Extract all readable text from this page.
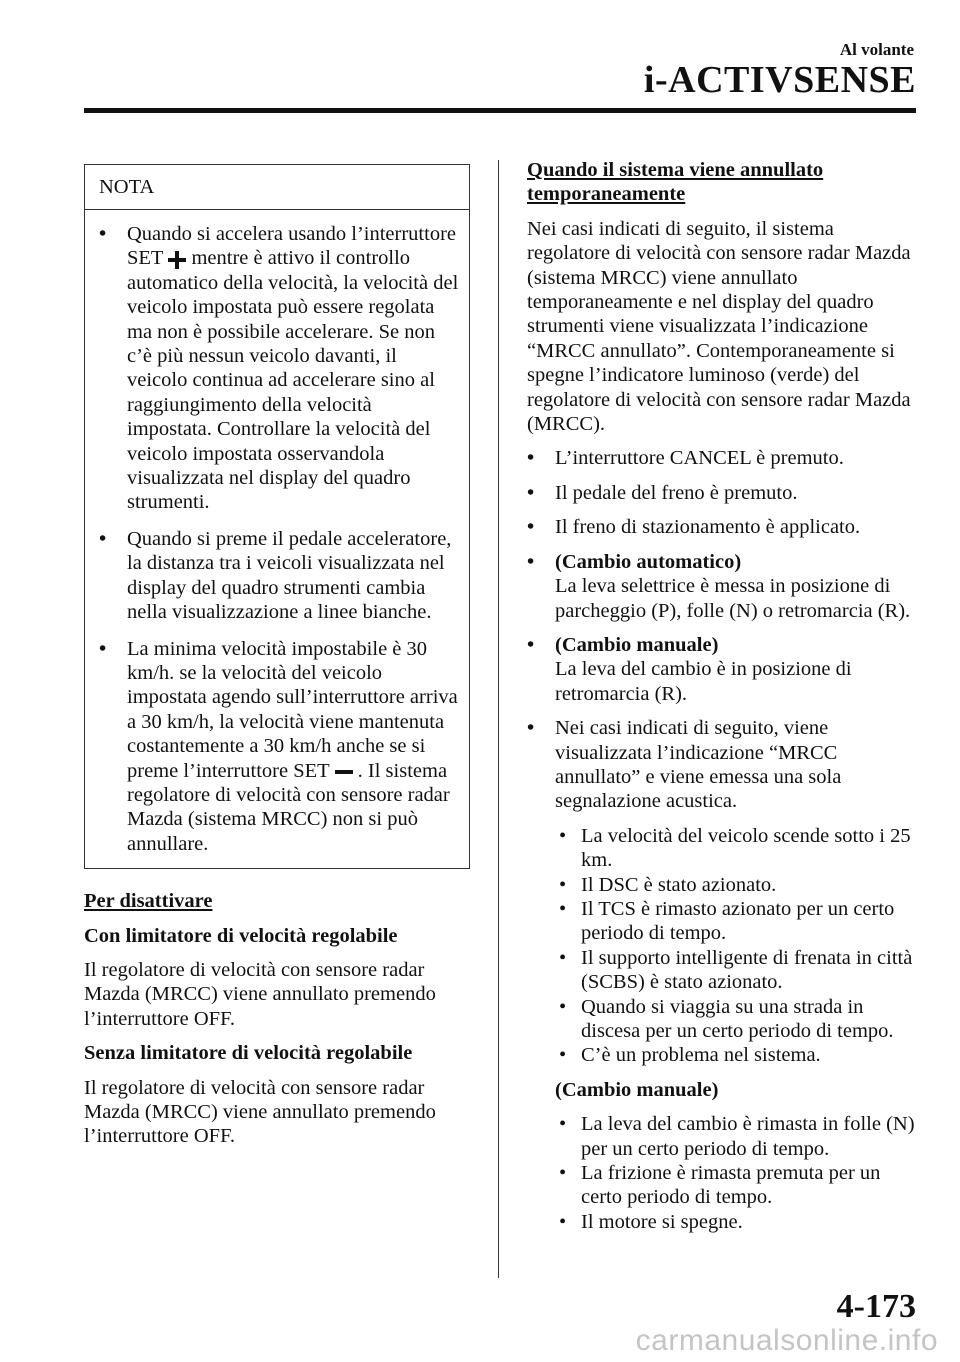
Al volante
i-ACTIVSENSE
NOTA
• Quando si accelera usando l’interruttore SET mentre è attivo il controllo automatico della velocità, la velocità del veicolo impostata può essere regolata ma non è possibile accelerare. Se non c’è più nessun veicolo davanti, il veicolo continua ad accelerare sino al raggiungimento della velocità impostata. Controllare la velocità del veicolo impostata osservandola visualizzata nel display del quadro strumenti.
• Quando si preme il pedale acceleratore, la distanza tra i veicoli visualizzata nel display del quadro strumenti cambia nella visualizzazione a linee bianche.
• La minima velocità impostabile è 30 km/h. se la velocità del veicolo impostata agendo sull’interruttore arriva a 30 km/h, la velocità viene mantenuta costantemente a 30 km/h anche se si preme l’interruttore SET . Il sistema regolatore di velocità con sensore radar Mazda (sistema MRCC) non si può annullare.

Per disattivare

Con limitatore di velocità regolabile

Il regolatore di velocità con sensore radar Mazda (MRCC) viene annullato premendo l’interruttore OFF.

Senza limitatore di velocità regolabile

Il regolatore di velocità con sensore radar Mazda (MRCC) viene annullato premendo l’interruttore OFF.

Quando il sistema viene annullato temporaneamente

Nei casi indicati di seguito, il sistema regolatore di velocità con sensore radar Mazda (sistema MRCC) viene annullato temporaneamente e nel display del quadro strumenti viene visualizzata l’indicazione “MRCC annullato”. Contemporaneamente si spegne l’indicatore luminoso (verde) del regolatore di velocità con sensore radar Mazda (MRCC).

• L’interruttore CANCEL è premuto.
• Il pedale del freno è premuto.
• Il freno di stazionamento è applicato.
• (Cambio automatico)
La leva selettrice è messa in posizione di parcheggio (P), folle (N) o retromarcia (R).
• (Cambio manuale)
La leva del cambio è in posizione di retromarcia (R).
• Nei casi indicati di seguito, viene visualizzata l’indicazione “MRCC annullato” e viene emessa una sola segnalazione acustica.
• La velocità del veicolo scende sotto i 25 km.
• Il DSC è stato azionato.
• Il TCS è rimasto azionato per un certo periodo di tempo.
• Il supporto intelligente di frenata in città (SCBS) è stato azionato.
• Quando si viaggia su una strada in discesa per un certo periodo di tempo.
• C’è un problema nel sistema.
(Cambio manuale)
• La leva del cambio è rimasta in folle (N) per un certo periodo di tempo.
• La frizione è rimasta premuta per un certo periodo di tempo.
• Il motore si spegne.
4-173
carmanualsonline.info
